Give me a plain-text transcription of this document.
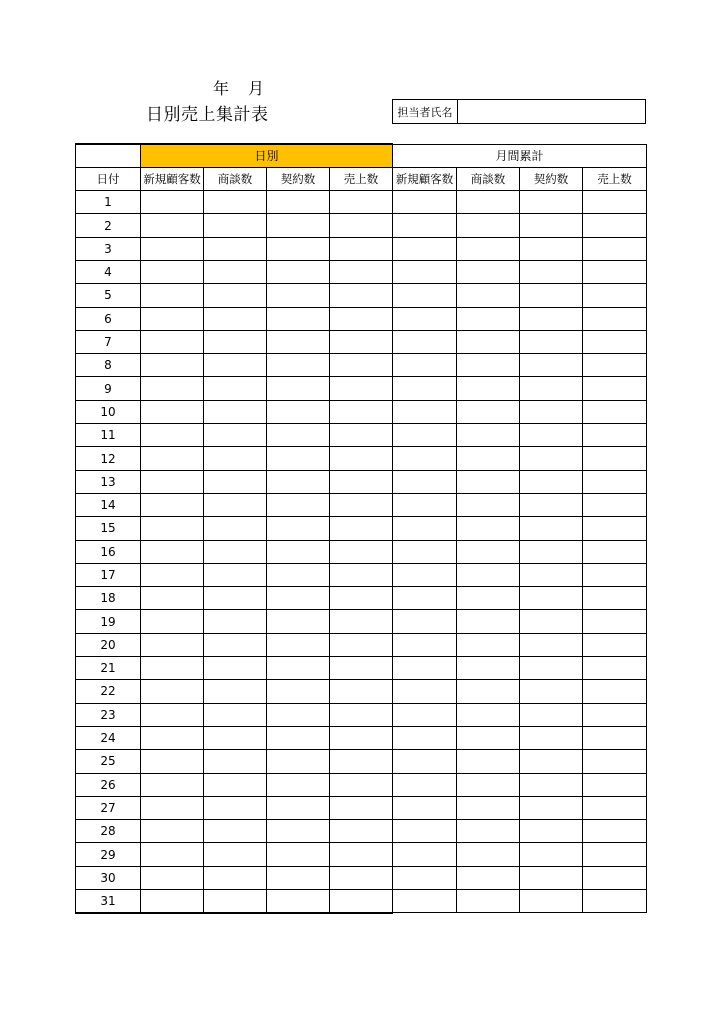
年 月
日別売上集計表	担当者氏名
	日別				月間累計			
日付	新規顧客数	商談数	契約数	売上数	新規顧客数	商談数	契約数	売上数
1								
2								
3								
4								
5								
6								
7								
8								
9								
10								
11								
12								
13								
14								
15								
16								
17								
18								
19								
20								
21								
22								
23								
24								
25								
26								
27								
28								
29								
30								
31								
